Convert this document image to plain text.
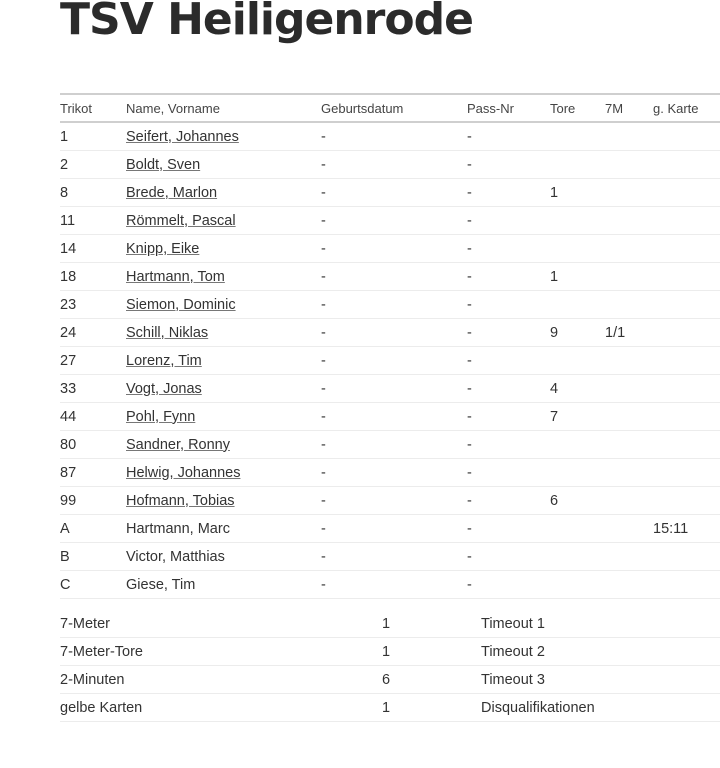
TSV Heiligenrode
Trikot	Name, Vorname	Geburtsdatum	Pass-Nr	Tore	7M	g. Karte
1	Seifert, Johannes	-	-			
2	Boldt, Sven	-	-			
8	Brede, Marlon	-	-	1		
11	Römmelt, Pascal	-	-			
14	Knipp, Eike	-	-			
18	Hartmann, Tom	-	-	1		
23	Siemon, Dominic	-	-			
24	Schill, Niklas	-	-	9	1/1	
27	Lorenz, Tim	-	-			
33	Vogt, Jonas	-	-	4		
44	Pohl, Fynn	-	-	7		
80	Sandner, Ronny	-	-			
87	Helwig, Johannes	-	-			
99	Hofmann, Tobias	-	-	6		
A	Hartmann, Marc	-	-			15:11
B	Victor, Matthias	-	-			
C	Giese, Tim	-	-			
7-Meter	1	Timeout 1	
7-Meter-Tore	1	Timeout 2	
2-Minuten	6	Timeout 3	
gelbe Karten	1	Disqualifikationen	
